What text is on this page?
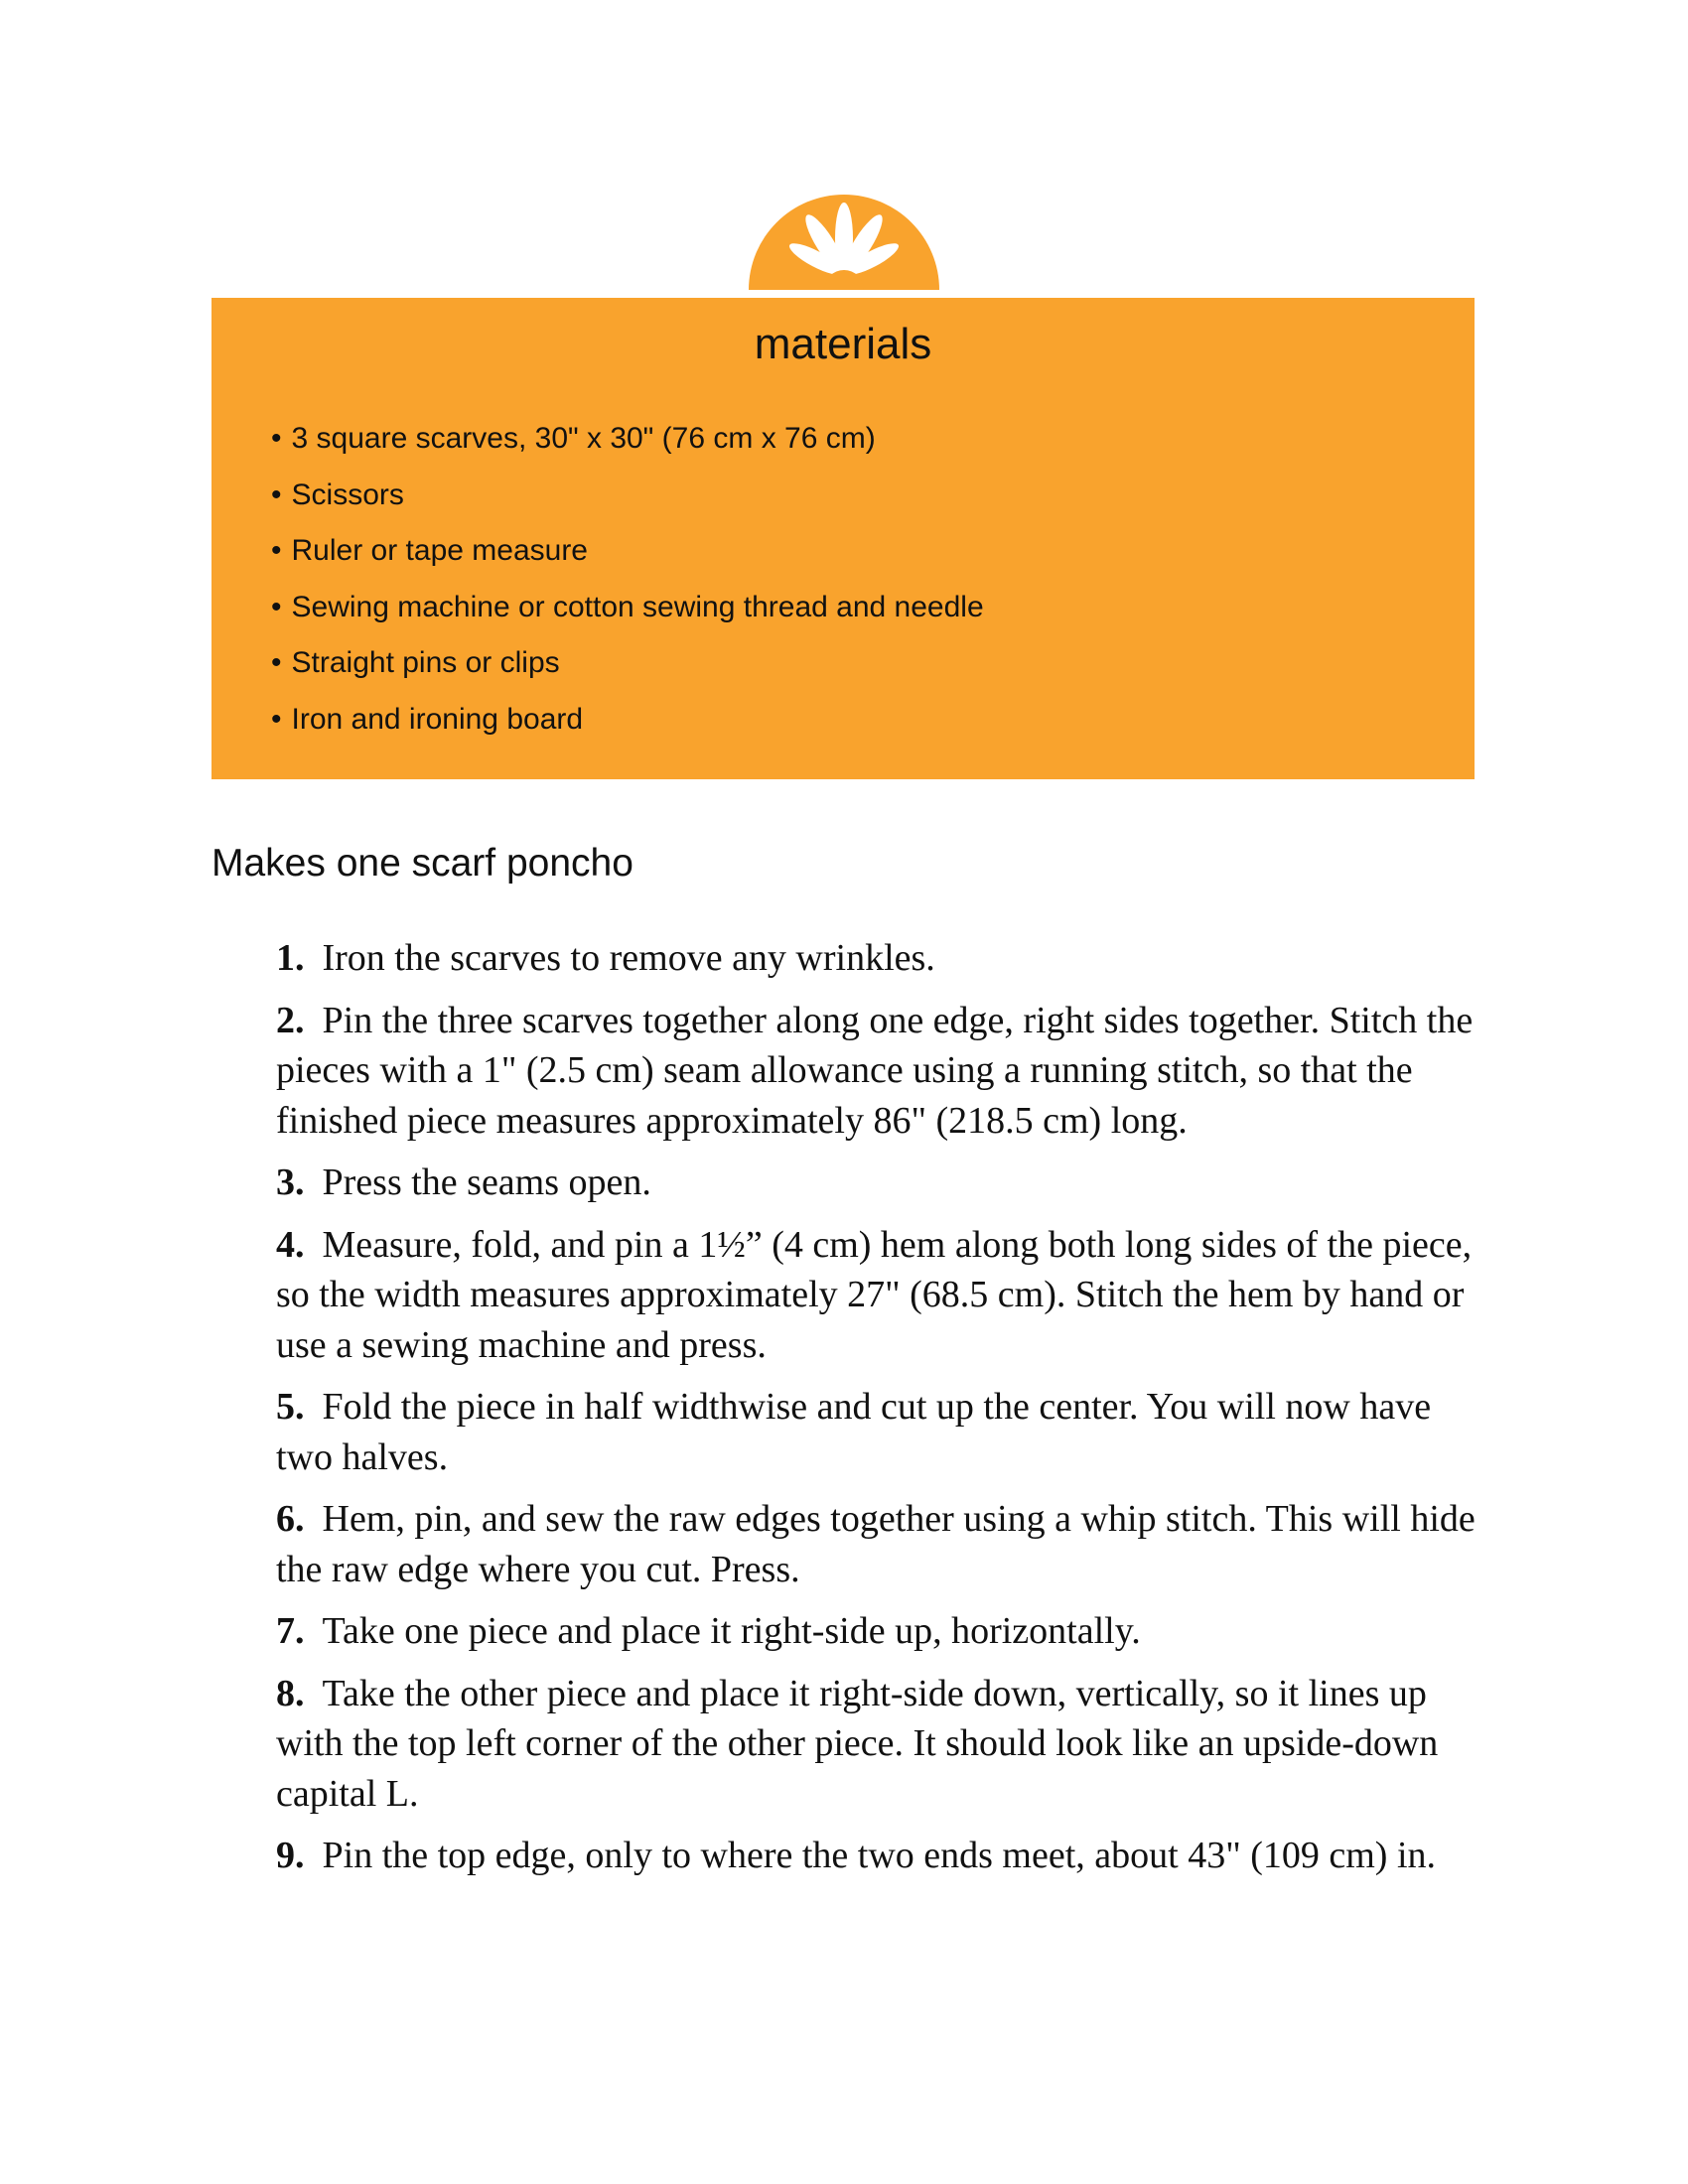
materials
• 3 square scarves, 30" x 30" (76 cm x 76 cm)
• Scissors
• Ruler or tape measure
• Sewing machine or cotton sewing thread and needle
• Straight pins or clips
• Iron and ironing board
Makes one scarf poncho
1. Iron the scarves to remove any wrinkles.
2. Pin the three scarves together along one edge, right sides together. Stitch the pieces with a 1" (2.5 cm) seam allowance using a running stitch, so that the finished piece measures approximately 86" (218.5 cm) long.
3. Press the seams open.
4. Measure, fold, and pin a 1½” (4 cm) hem along both long sides of the piece, so the width measures approximately 27" (68.5 cm). Stitch the hem by hand or use a sewing machine and press.
5. Fold the piece in half widthwise and cut up the center. You will now have two halves.
6. Hem, pin, and sew the raw edges together using a whip stitch. This will hide the raw edge where you cut. Press.
7. Take one piece and place it right-side up, horizontally.
8. Take the other piece and place it right-side down, vertically, so it lines up with the top left corner of the other piece. It should look like an upside-down capital L.
9. Pin the top edge, only to where the two ends meet, about 43" (109 cm) in.
